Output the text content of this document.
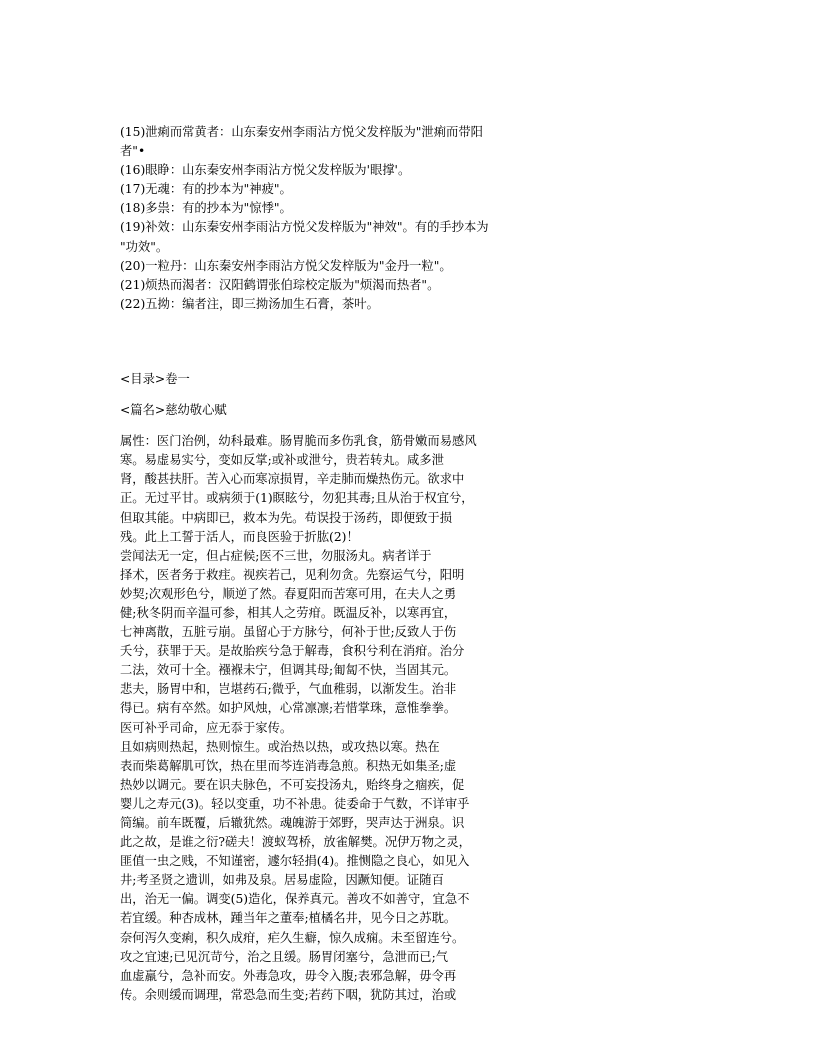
(15)泄痢而常黄者：山东秦安州李雨沾方悦父发梓版为"泄痢而带阳
者"•
(16)眼睁：山东秦安州李雨沾方悦父发梓版为'眼撑'。
(17)无魂：有的抄本为"神疲"。
(18)多祟：有的抄本为"惊悸"。
(19)补效：山东秦安州李雨沾方悦父发梓版为"神效"。有的手抄本为
"功效"。
(20)一粒丹：山东秦安州李雨沾方悦父发梓版为"金丹一粒"。
(21)烦热而渴者：汉阳鹤谓张伯琮校定版为"烦渴而热者"。
(22)五拗：编者注，即三拗汤加生石膏，茶叶。
<目录>卷一
<篇名>慈幼敬心赋
属性：医门治例，幼科最难。肠胃脆而多伤乳食，筋骨嫩而易感风
寒。易虚易实兮，变如反掌;或补或泄兮，贵若转丸。咸多泄
肾，酸甚扶肝。苦入心而寒凉损胃，辛走肺而燥热伤元。欲求中
正。无过平甘。或病须于(1)瞑眩兮，勿犯其毒;且从治于权宜兮，
但取其能。中病即已，救本为先。苟误投于汤药，即便致于损
残。此上工誓于活人，而良医验于折肱(2)！
尝闻法无一定，但占症候;医不三世，勿服汤丸。病者详于
择术，医者务于救疰。视疾若己，见利勿贪。先察运气兮，阳明
妙契;次观形色兮，顺逆了然。春夏阳而苦寒可用，在夫人之勇
健;秋冬阴而辛温可参，相其人之劳疳。既温反补，以寒再宜，
七神离散，五脏亏崩。虽留心于方脉兮，何补于世;反致人于伤
夭兮，获罪于天。是故胎疾兮急于解毒，食积兮利在消疳。治分
二法，效可十全。襁褓未宁，但调其母;匍匐不快，当固其元。
悲夫，肠胃中和，岂堪药石;微乎，气血稚弱，以渐发生。治非
得已。病有卒然。如护风烛，心常凛凛;若惜掌珠，意惟拳拳。
医可补乎司命，应无忝于家传。
且如病则热起，热则惊生。或治热以热，或攻热以寒。热在
表而柴葛解肌可饮，热在里而芩连消毒急煎。积热无如集圣;虚
热妙以调元。要在识夫脉色，不可妄投汤丸，贻终身之痼疾，促
婴儿之寿元(3)。轻以变重，功不补患。徒委命于气数，不详审乎
简编。前车既覆，后辙犹然。魂魄游于郊野，哭声达于洲泉。识
此之故，是谁之衍?磋夫！渡蚁驾桥，放雀解樊。况伊万物之灵，
匪值一虫之贱，不知谨密，遽尔轻捐(4)。推恻隐之良心，如见入
井;考圣贤之遗训，如弗及泉。居易虚险，因蹶知便。证随百
出，治无一偏。调变(5)造化，保养真元。善攻不如善守，宜急不
若宜缓。种杏成林，踵当年之董奉;植橘名井，见今日之苏耽。
奈何泻久变痢，积久成疳，疟久生癖，惊久成痫。未至留连兮。
攻之宜速;已见沉苛兮，治之且缓。肠胃闭塞兮，急泄而已;气
血虚羸兮，急补而安。外毒急攻，毋令入腹;表邪急解，毋令再
传。余则缓而调理，常恐急而生变;若药下咽，犹防其过，治或
